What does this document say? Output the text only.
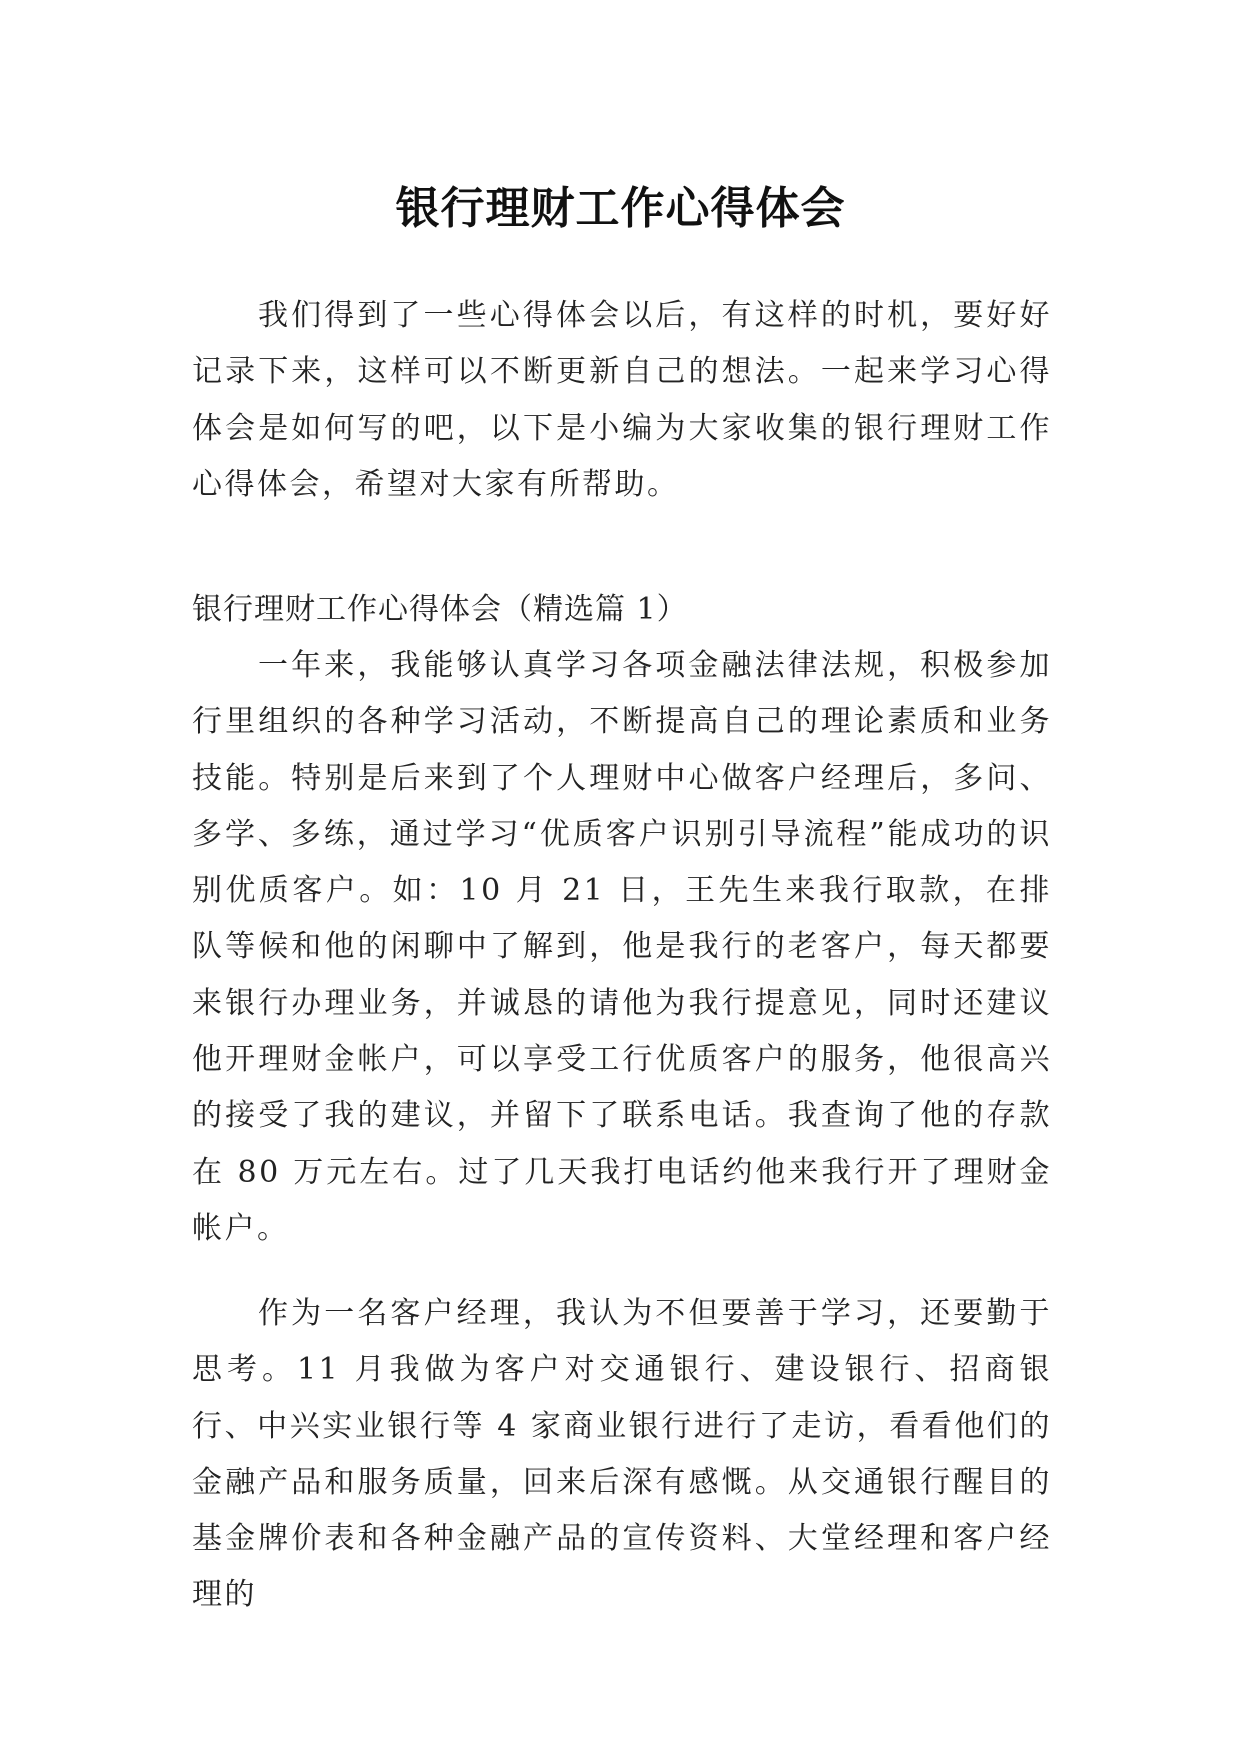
银行理财工作心得体会

我们得到了一些心得体会以后，有这样的时机，要好好记录下来，这样可以不断更新自己的想法。一起来学习心得体会是如何写的吧，以下是小编为大家收集的银行理财工作心得体会，希望对大家有所帮助。

银行理财工作心得体会（精选篇 1）

一年来，我能够认真学习各项金融法律法规，积极参加行里组织的各种学习活动，不断提高自己的理论素质和业务技能。特别是后来到了个人理财中心做客户经理后，多问、多学、多练，通过学习“优质客户识别引导流程”能成功的识别优质客户。如：10 月 21 日，王先生来我行取款，在排队等候和他的闲聊中了解到，他是我行的老客户，每天都要来银行办理业务，并诚恳的请他为我行提意见，同时还建议他开理财金帐户，可以享受工行优质客户的服务，他很高兴的接受了我的建议，并留下了联系电话。我查询了他的存款在 80 万元左右。过了几天我打电话约他来我行开了理财金帐户。

作为一名客户经理，我认为不但要善于学习，还要勤于思考。11 月我做为客户对交通银行、建设银行、招商银行、中兴实业银行等 4 家商业银行进行了走访，看看他们的金融产品和服务质量，回来后深有感慨。从交通银行醒目的基金牌价表和各种金融产品的宣传资料、大堂经理和客户经理的
